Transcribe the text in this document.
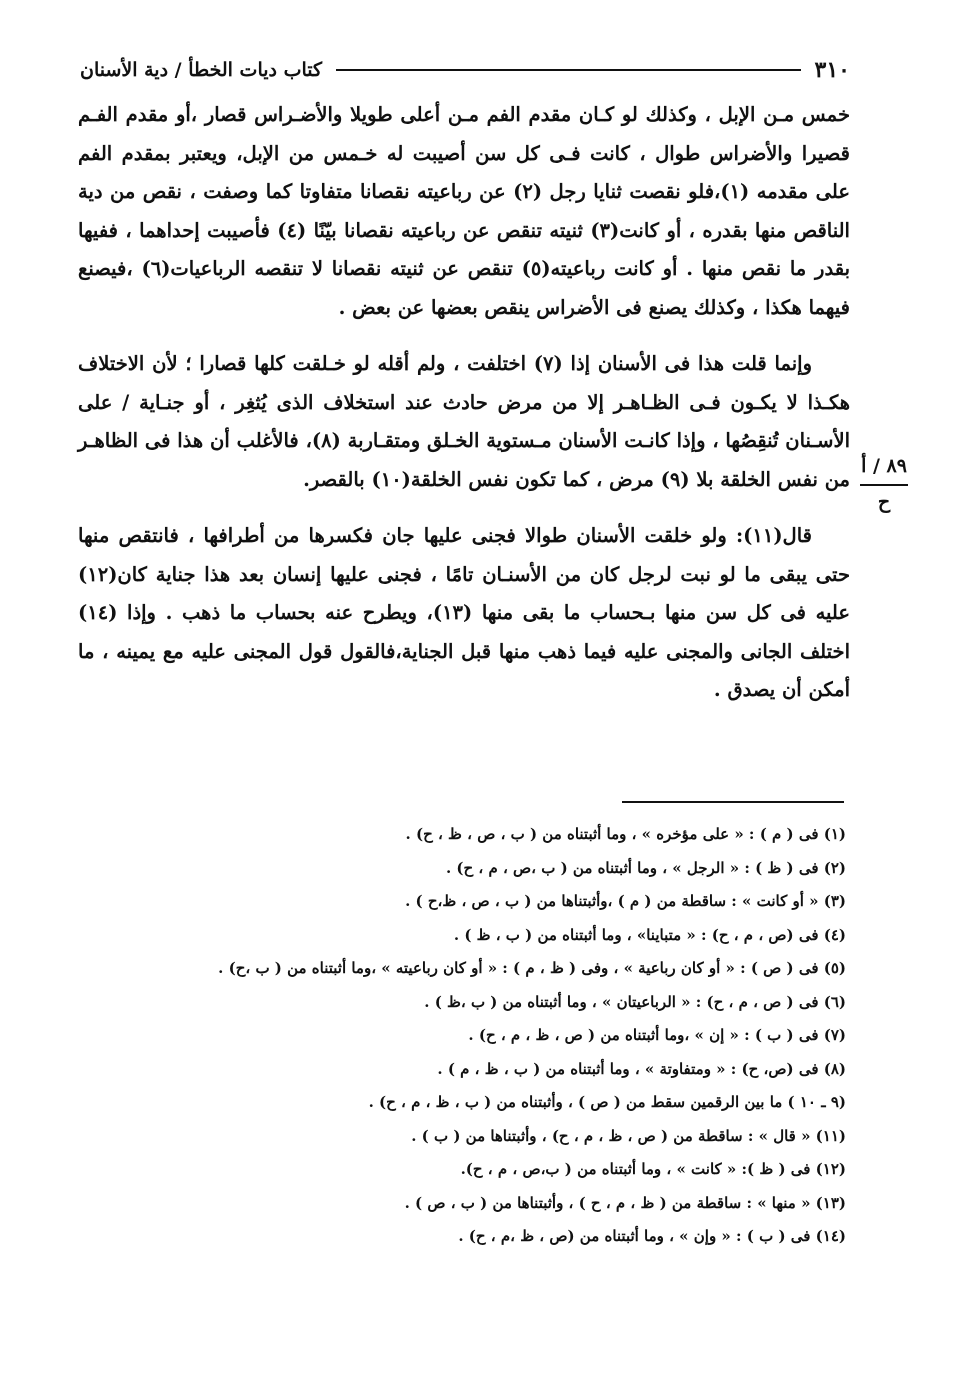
٣١٠
كتاب ديات الخطأ / دية الأسنان

خمس مـن الإبل ، وكذلك لو كـان مقدم الفم مـن أعلى طويلا والأضـراس قصار ،أو مقدم الفـم قصيرا والأضراس طوال ، كانت فـى كل سن أصيبت له خـمس من الإبل، ويعتبر بمقدم الفم على مقدمه (١)،فلو نقصت ثنايا رجل (٢) عن رباعيته نقصانا متفاوتا كما وصفت ، نقص من دية الناقص منها بقدره ، أو كانت(٣) ثنيته تنقص عن رباعيته نقصانا بيّنًا (٤) فأصيبت إحداهما ، ففيها بقدر ما نقص منها . أو كانت رباعيته(٥) تنقص عن ثنيته نقصانا لا تنقصه الرباعيات(٦) ،فيصنع فيهما هكذا ، وكذلك يصنع فى الأضراس ينقص بعضها عن بعض .

وإنما قلت هذا فى الأسنان إذا (٧) اختلفت ، ولم أقله لو خـلقت كلها قصارا ؛ لأن الاختلاف هكـذا لا يكـون فـى الظـاهـر إلا من مرض حادث عند استخلاف الذى يُثغِر ، أو جنـاية / على الأسـنان تُنقِصُها ، وإذا كانـت الأسنان مـستوية الخـلق ومتقـاربة (٨)، فالأغلب أن هذا فى الظاهـر من نفس الخلقة بلا (٩) مرض ، كما تكون نفس الخلقة(١٠) بالقصر.

قال(١١): ولو خلقت الأسنان طوالا فجنى عليها جان فكسرها من أطرافها ، فانتقص منها حتى يبقى ما لو نبت لرجل كان من الأسنـان تامًا ، فجنى عليها إنسان بعد هذا جناية كان(١٢) عليه فى كل سن منها بـحساب ما بقى منها (١٣)، ويطرح عنه بحساب ما ذهب . وإذا (١٤) اختلف الجانى والمجنى عليه فيما ذهب منها قبل الجناية،فالقول قول المجنى عليه مع يمينه ، ما أمكن أن يصدق .

٨٩ / أ
ح
(١) فى ( م ) : « على مؤخره » ، وما أثبتناه من ( ب ، ص ، ظ ، ح) .
(٢) فى ( ظ ) : « الرجل » ، وما أثبتناه من ( ب ،ص ، م ، ح) .
(٣) « أو كانت » : ساقطة من ( م ) ،وأثبتناها من ( ب ، ص ، ظ،ح ) .
(٤) فى (ص ، م ، ح) : « متباينا» ، وما أثبتناه من ( ب ، ظ ) .
(٥) فى ( ص ) : « أو كان رباعية » ، وفى ( ظ ، م ) : « أو كان رباعيته » ،وما أثبتناه من ( ب ،ح) .
(٦) فى ( ص ، م ، ح) : « الرباعيتان » ، وما أثبتناه من ( ب ،ظ ) .
(٧) فى ( ب ) : « إن » ،وما أثبتناه من ( ص ، ظ ، م ، ح) .
(٨) فى (ص، ح) : « ومتفاوتة » ، وما أثبتناه من ( ب ، ظ ، م ) .
(٩ ـ ١٠ ) ما بين الرقمين سقط من ( ص ) ، وأثبتناه من ( ب ، ظ ، م ، ح) .
(١١) « قال » : ساقطة من ( ص ، ظ ، م ، ح) ، وأثبتناها من ( ب ) .
(١٢) فى ( ظ ): « كانت » ، وما أثبتناه من ( ب،ص ، م ، ح).
(١٣) « منها » : ساقطة من ( ظ ، م ، ح ) ، وأثبتناها من ( ب ، ص ) .
(١٤) فى ( ب ) : « وإن » ، وما أثبتناه من (ص ، ظ ،م ، ح) .
